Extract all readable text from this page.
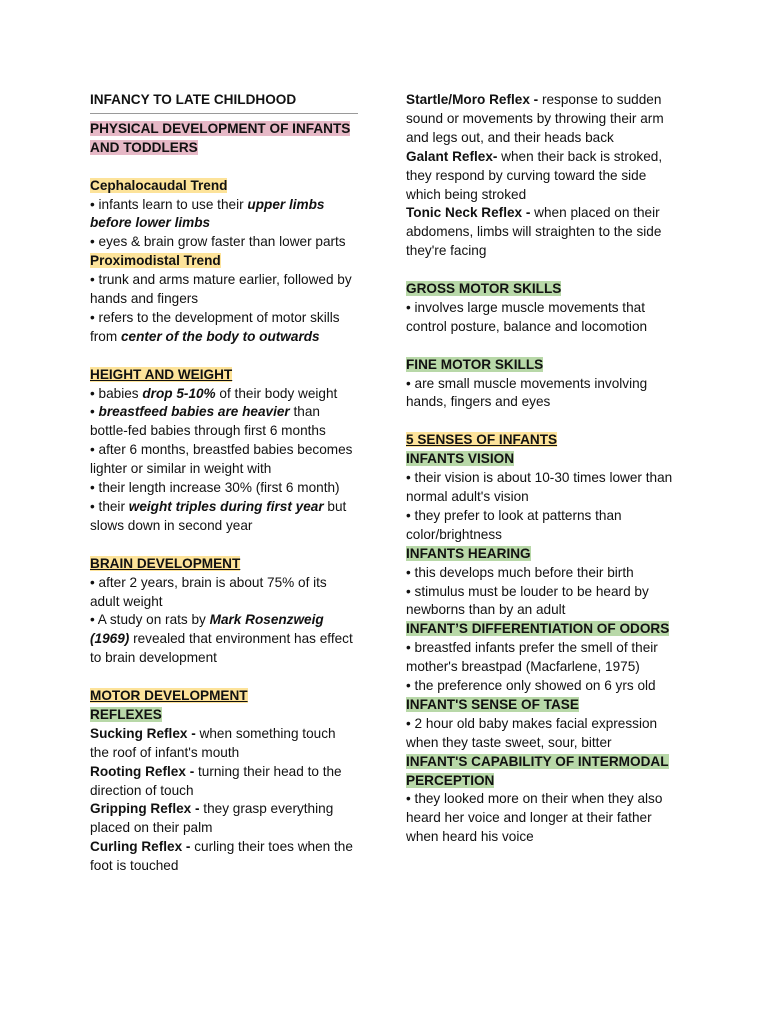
INFANCY TO LATE CHILDHOOD
PHYSICAL DEVELOPMENT OF INFANTS
AND TODDLERS
Cephalocaudal Trend
• infants learn to use their upper limbs
before lower limbs
• eyes & brain grow faster than lower parts
Proximodistal Trend
• trunk and arms mature earlier, followed by
hands and fingers
• refers to the development of motor skills
from center of the body to outwards
HEIGHT AND WEIGHT
• babies drop 5-10% of their body weight
• breastfeed babies are heavier than
bottle-fed babies through first 6 months
• after 6 months, breastfed babies becomes
lighter or similar in weight with
• their length increase 30% (first 6 month)
• their weight triples during first year but
slows down in second year
BRAIN DEVELOPMENT
• after 2 years, brain is about 75% of its
adult weight
• A study on rats by Mark Rosenzweig
(1969) revealed that environment has effect
to brain development
MOTOR DEVELOPMENT
REFLEXES
Sucking Reflex - when something touch
the roof of infant's mouth
Rooting Reflex - turning their head to the
direction of touch
Gripping Reflex - they grasp everything
placed on their palm
Curling Reflex - curling their toes when the
foot is touched
Startle/Moro Reflex - response to sudden
sound or movements by throwing their arm
and legs out, and their heads back
Galant Reflex- when their back is stroked,
they respond by curving toward the side
which being stroked
Tonic Neck Reflex - when placed on their
abdomens, limbs will straighten to the side
they're facing
GROSS MOTOR SKILLS
• involves large muscle movements that
control posture, balance and locomotion
FINE MOTOR SKILLS
• are small muscle movements involving
hands, fingers and eyes
5 SENSES OF INFANTS
INFANTS VISION
• their vision is about 10-30 times lower than
normal adult's vision
• they prefer to look at patterns than
color/brightness
INFANTS HEARING
• this develops much before their birth
• stimulus must be louder to be heard by
newborns than by an adult
INFANT’S DIFFERENTIATION OF ODORS
• breastfed infants prefer the smell of their
mother's breastpad (Macfarlene, 1975)
• the preference only showed on 6 yrs old
INFANT'S SENSE OF TASE
• 2 hour old baby makes facial expression
when they taste sweet, sour, bitter
INFANT'S CAPABILITY OF INTERMODAL
PERCEPTION
• they looked more on their when they also
heard her voice and longer at their father
when heard his voice
